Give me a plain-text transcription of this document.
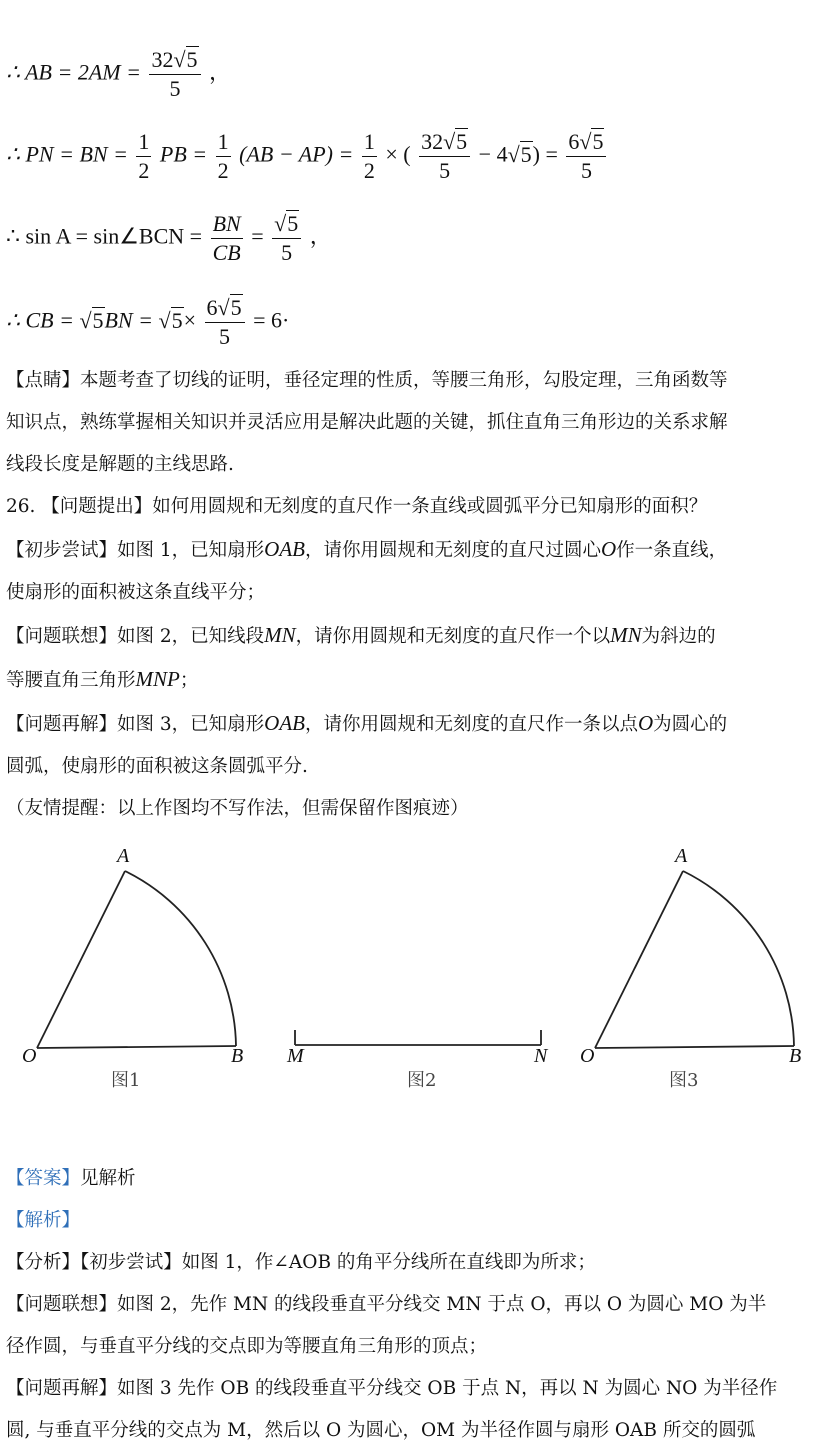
∴ AB = $2AM = \frac{32√5}{5}$ ，
∴ PN = BN = $\frac{1}{2}$ PB = $\frac{1}{2} (AB - AP) = \frac{1}{2}$ × ( $\frac{32√5}{5} - 4√5) = \frac{6√5}{5}$
∴ sin A = sin∠BCN = $\frac{BN}{CB} = \frac{√5}{5}$ ，
∴ CB = $√5BN = √5\times \frac{6√5}{5} = 6\cdot$
【点睛】本题考查了切线的证明，垂径定理的性质，等腰三角形，勾股定理，三角函数等
知识点，熟练掌握相关知识并灵活应用是解决此题的关键，抓住直角三角形边的关系求解
线段长度是解题的主线思路.
26. 【问题提出】如何用圆规和无刻度的直尺作一条直线或圆弧平分已知扇形的面积？
【初步尝试】如图 1，已知扇形OAB，请你用圆规和无刻度的直尺过圆心O作一条直线，
使扇形的面积被这条直线平分；
【问题联想】如图 2，已知线段MN，请你用圆规和无刻度的直尺作一个以MN为斜边的
等腰直角三角形MNP；
【问题再解】如图 3，已知扇形OAB，请你用圆规和无刻度的直尺作一条以点O为圆心的
圆弧，使扇形的面积被这条圆弧平分.
（友情提醒：以上作图均不写作法，但需保留作图痕迹）
A
O	B
图1
M	N
图2
A
O	B
图3
【答案】见解析
【解析】
【分析】【初步尝试】如图 1，作∠AOB 的角平分线所在直线即为所求；
【问题联想】如图 2，先作 MN 的线段垂直平分线交 MN 于点 O，再以 O 为圆心 MO 为半
径作圆，与垂直平分线的交点即为等腰直角三角形的顶点；
【问题再解】如图 3 先作 OB 的线段垂直平分线交 OB 于点 N，再以 N 为圆心 NO 为半径作
圆, 与垂直平分线的交点为 M，然后以 O 为圆心，OM 为半径作圆与扇形 OAB 所交的圆弧
